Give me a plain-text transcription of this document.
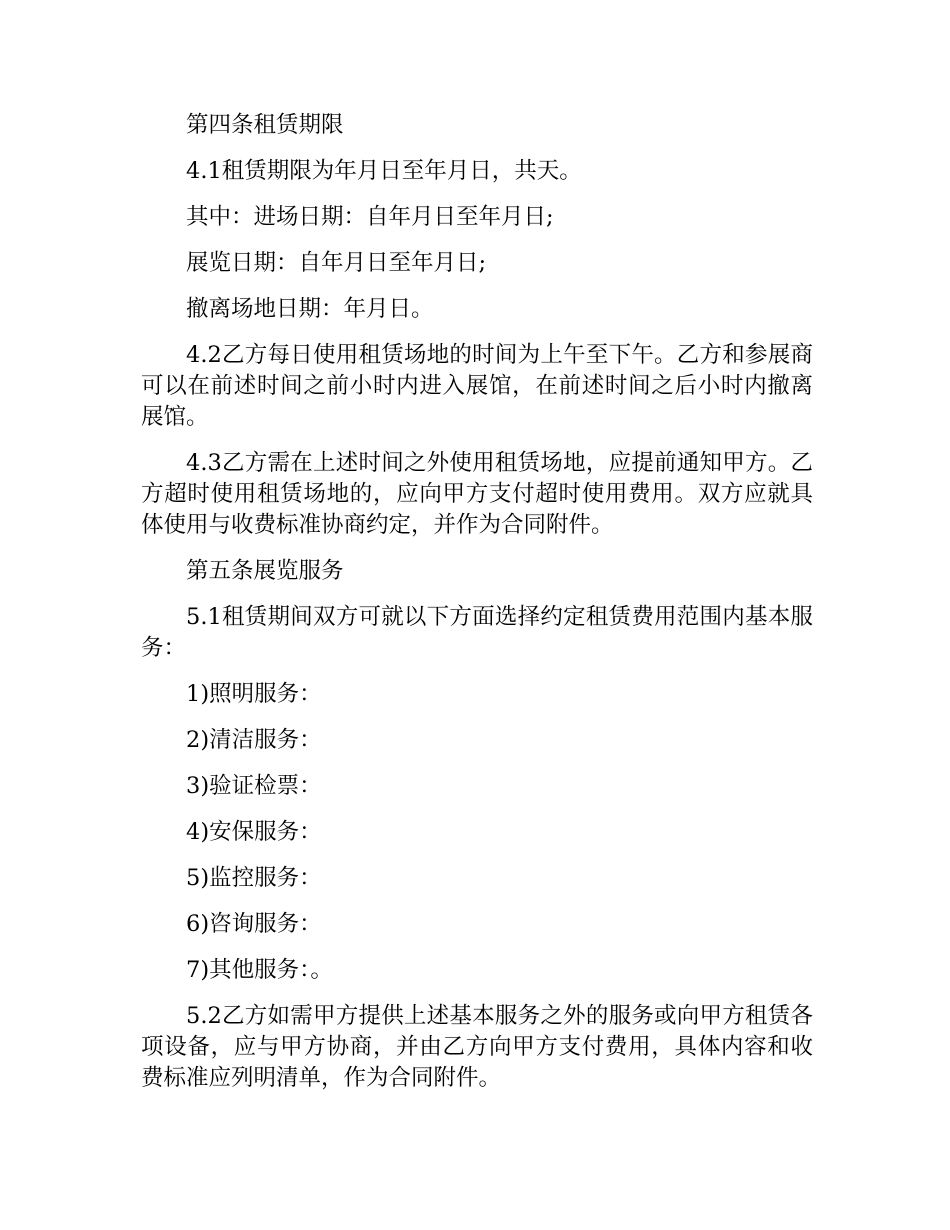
第四条租赁期限

4.1租赁期限为年月日至年月日，共天。

其中：进场日期：自年月日至年月日;

展览日期：自年月日至年月日;

撤离场地日期：年月日。

4.2乙方每日使用租赁场地的时间为上午至下午。乙方和参展商可以在前述时间之前小时内进入展馆，在前述时间之后小时内撤离展馆。

4.3乙方需在上述时间之外使用租赁场地，应提前通知甲方。乙方超时使用租赁场地的，应向甲方支付超时使用费用。双方应就具体使用与收费标准协商约定，并作为合同附件。

第五条展览服务

5.1租赁期间双方可就以下方面选择约定租赁费用范围内基本服务：

1)照明服务：

2)清洁服务：

3)验证检票：

4)安保服务：

5)监控服务：

6)咨询服务：

7)其他服务：。

5.2乙方如需甲方提供上述基本服务之外的服务或向甲方租赁各项设备，应与甲方协商，并由乙方向甲方支付费用，具体内容和收费标准应列明清单，作为合同附件。
